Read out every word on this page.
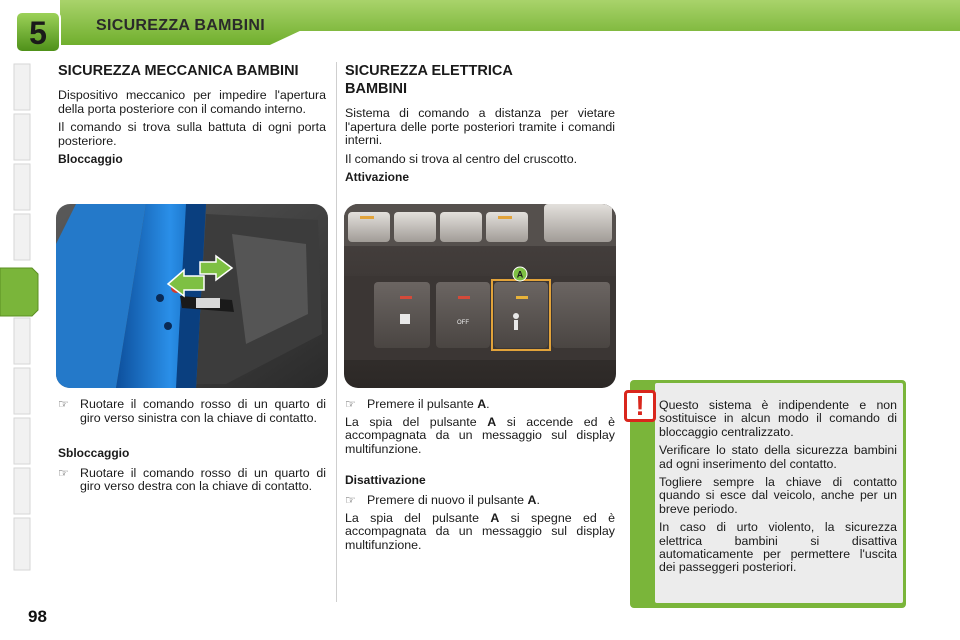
5	SICUREZZA BAMBINI
SICUREZZA MECCANICA BAMBINI

Dispositivo meccanico per impedire l'apertura della porta posteriore con il comando interno.

Il comando si trova sulla battuta di ogni porta posteriore.

Bloccaggio
☞ Ruotare il comando rosso di un quarto di giro verso sinistra con la chiave di contatto.
Sbloccaggio
☞ Ruotare il comando rosso di un quarto di giro verso destra con la chiave di contatto.
SICUREZZA ELETTRICA BAMBINI

Sistema di comando a distanza per vietare l'apertura delle porte posteriori tramite i comandi interni.

Il comando si trova al centro del cruscotto.

Attivazione
A
OFF
☞ Premere il pulsante A.

La spia del pulsante A si accende ed è accompagnata da un messaggio sul display multifunzione.

Disattivazione
☞ Premere di nuovo il pulsante A.

La spia del pulsante A si spegne ed è accompagnata da un messaggio sul display multifunzione.

Questo sistema è indipendente e non sostituisce in alcun modo il comando di bloccaggio centralizzato.

Verificare lo stato della sicurezza bambini ad ogni inserimento del contatto.

Togliere sempre la chiave di contatto quando si esce dal veicolo, anche per un breve periodo.

In caso di urto violento, la sicurezza elettrica bambini si disattiva automaticamente per permettere l'uscita dei passeggeri posteriori.

!
98
